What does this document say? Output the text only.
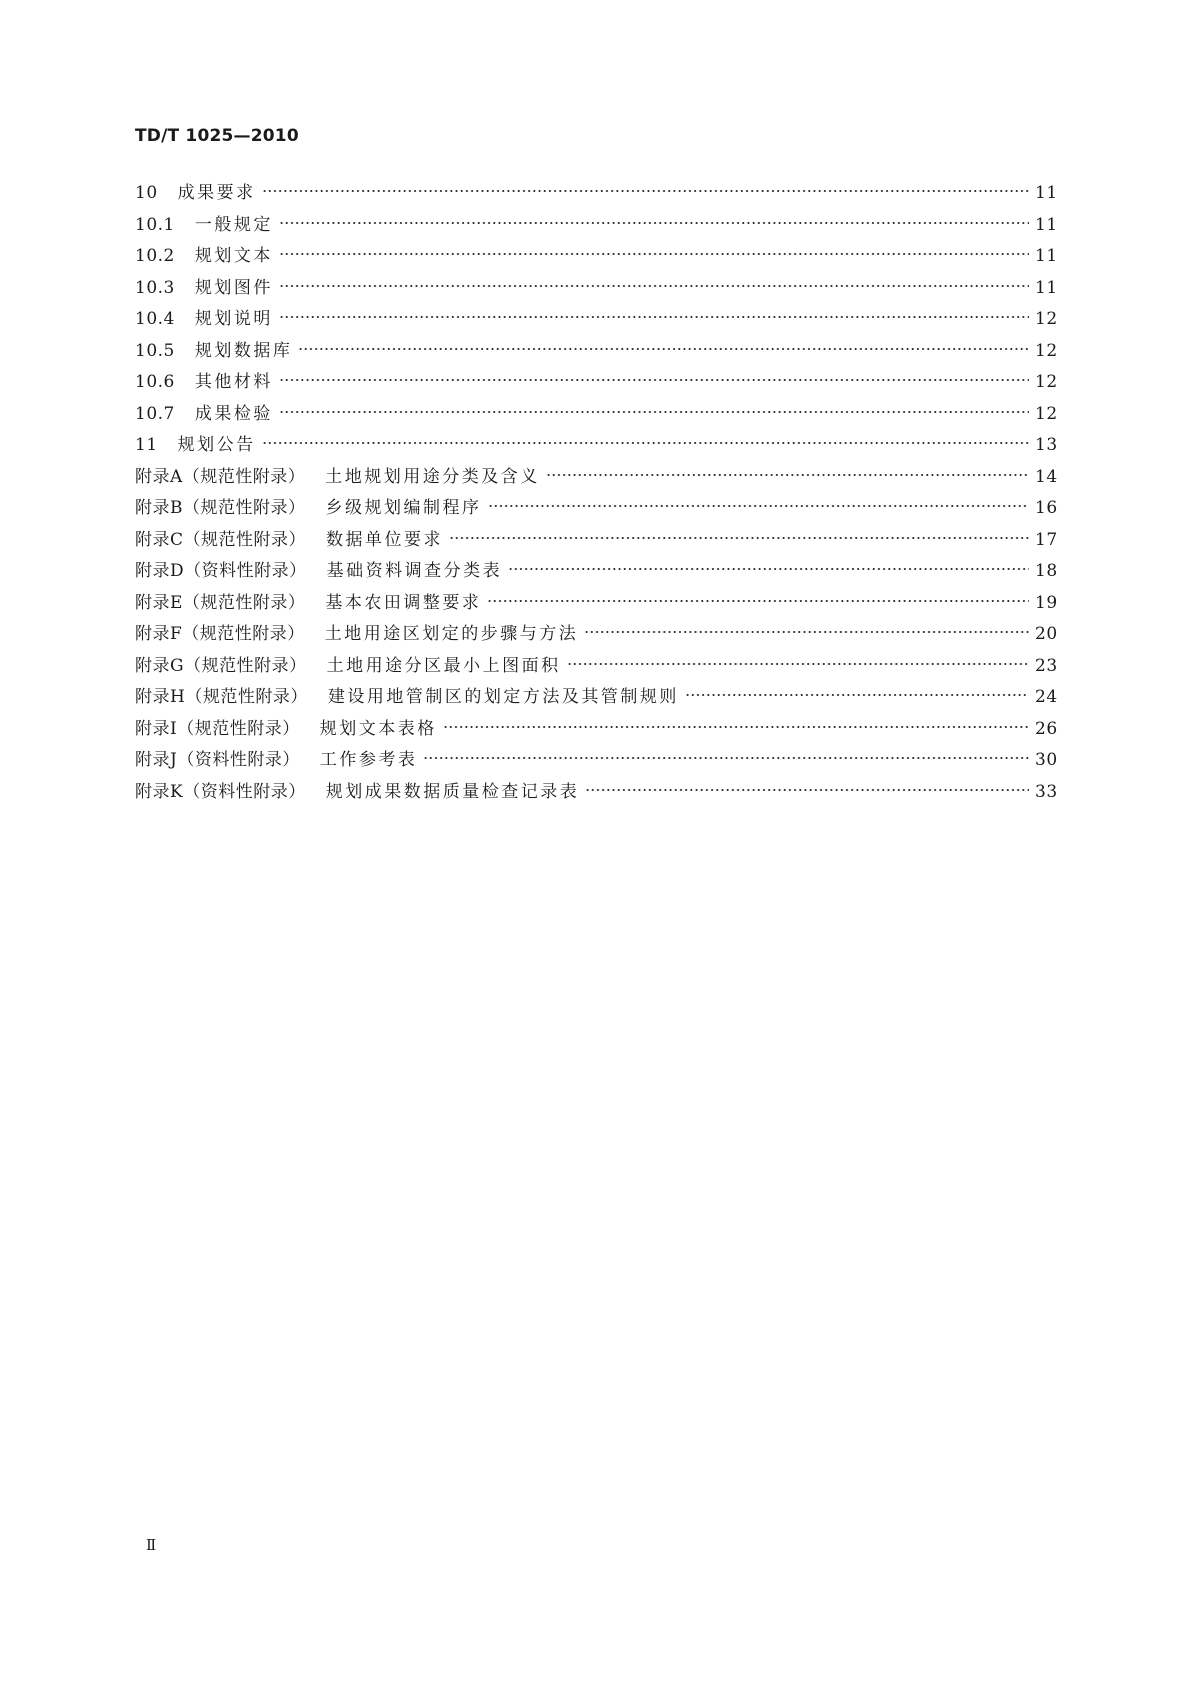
TD/T 1025—2010
10 成果要求	11
10.1 一般规定	11
10.2 规划文本	11
10.3 规划图件	11
10.4 规划说明	12
10.5 规划数据库	12
10.6 其他材料	12
10.7 成果检验	12
11 规划公告	13
附录A（规范性附录） 土地规划用途分类及含义	14
附录B（规范性附录） 乡级规划编制程序	16
附录C（规范性附录） 数据单位要求	17
附录D（资料性附录） 基础资料调查分类表	18
附录E（规范性附录） 基本农田调整要求	19
附录F（规范性附录） 土地用途区划定的步骤与方法	20
附录G（规范性附录） 土地用途分区最小上图面积	23
附录H（规范性附录） 建设用地管制区的划定方法及其管制规则	24
附录I（规范性附录） 规划文本表格	26
附录J（资料性附录） 工作参考表	30
附录K（资料性附录） 规划成果数据质量检查记录表	33
Ⅱ
